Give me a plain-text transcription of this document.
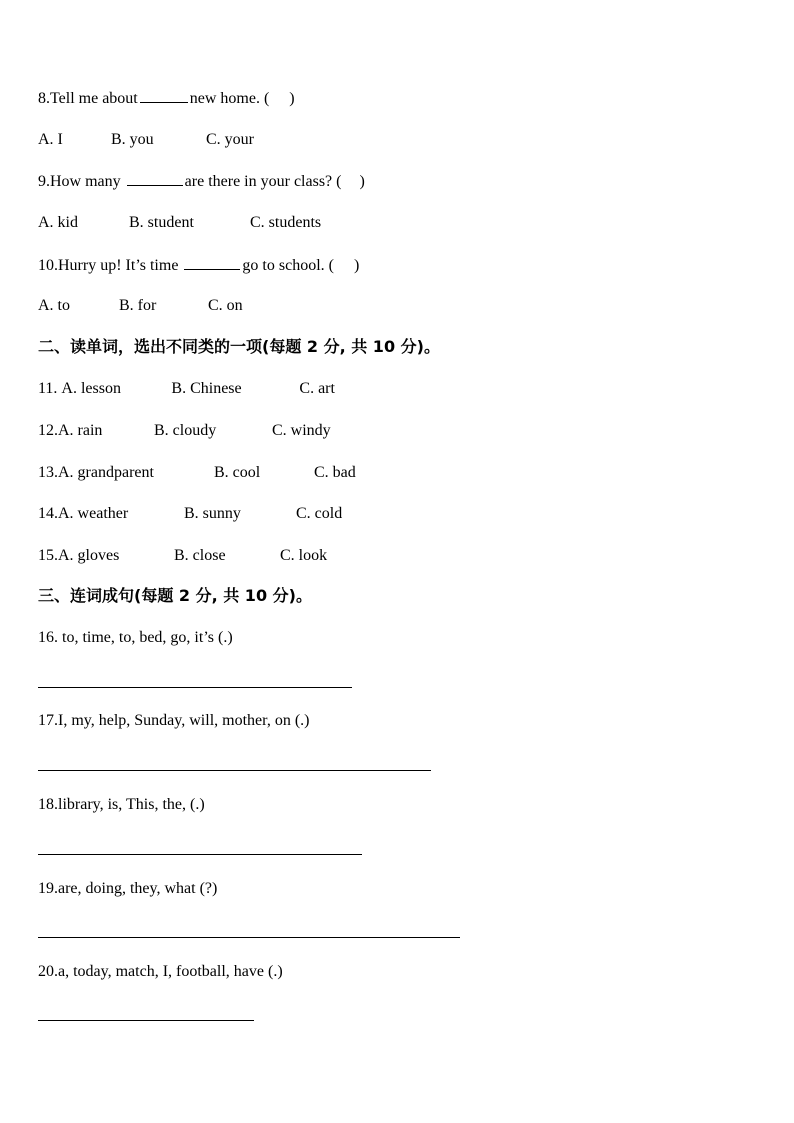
8.Tell me about	new home. ( )
A. I	B. you	C. your
9.How many	are there in your class? ( )
A. kid	B. student	C. students
10.Hurry up! It’s time	go to school. ( )
A. to	B. for	C. on
二、读单词，选出不同类的一项(每题 2 分, 共 10 分)。
11. A. lesson	B. Chinese	C. art
12.A. rain	B. cloudy	C. windy
13.A. grandparent	B. cool	C. bad
14.A. weather	B. sunny	C. cold
15.A. gloves	B. close	C. look
三、连词成句(每题 2 分, 共 10 分)。
16. to, time, to, bed, go, it’s (.)
17.I, my, help, Sunday, will, mother, on (.)
18.library, is, This, the, (.)
19.are, doing, they, what (?)
20.a, today, match, I, football, have (.)
